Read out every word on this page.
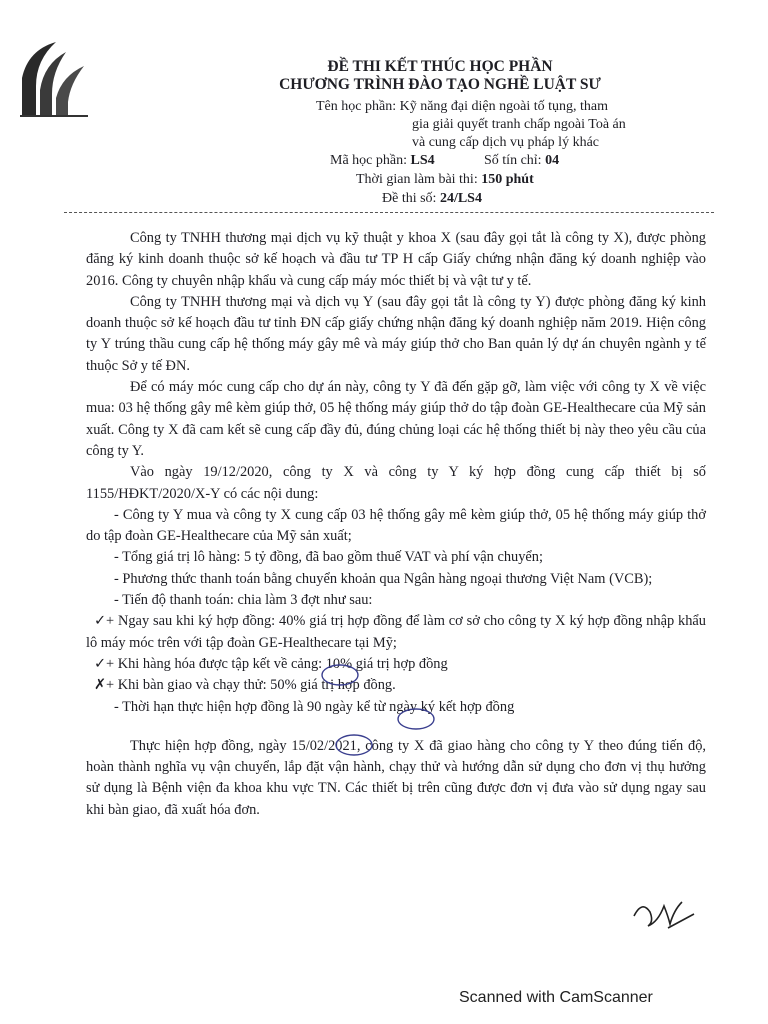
ĐỀ THI KẾT THÚC HỌC PHẦN
CHƯƠNG TRÌNH ĐÀO TẠO NGHỀ LUẬT SƯ
Tên học phần: Kỹ năng đại diện ngoài tố tụng, tham
gia giải quyết tranh chấp ngoài Toà án
và cung cấp dịch vụ pháp lý khác
Mã học phần: LS4	Số tín chỉ: 04
Thời gian làm bài thi: 150 phút
Đề thi số: 24/LS4

Công ty TNHH thương mại dịch vụ kỹ thuật y khoa X (sau đây gọi tắt là công ty X), được phòng đăng ký kinh doanh thuộc sở kế hoạch và đầu tư TP H cấp Giấy chứng nhận đăng ký doanh nghiệp vào 2016. Công ty chuyên nhập khẩu và cung cấp máy móc thiết bị và vật tư y tế.

Công ty TNHH thương mại và dịch vụ Y (sau đây gọi tắt là công ty Y) được phòng đăng ký kinh doanh thuộc sở kế hoạch đầu tư tỉnh ĐN cấp giấy chứng nhận đăng ký doanh nghiệp năm 2019. Hiện công ty Y trúng thầu cung cấp hệ thống máy gây mê và máy giúp thở cho Ban quản lý dự án chuyên ngành y tế thuộc Sở y tế ĐN.

Để có máy móc cung cấp cho dự án này, công ty Y đã đến gặp gỡ, làm việc với công ty X về việc mua: 03 hệ thống gây mê kèm giúp thở, 05 hệ thống máy giúp thở do tập đoàn GE-Healthecare của Mỹ sản xuất. Công ty X đã cam kết sẽ cung cấp đầy đủ, đúng chủng loại các hệ thống thiết bị này theo yêu cầu của công ty Y.

Vào ngày 19/12/2020, công ty X và công ty Y ký hợp đồng cung cấp thiết bị số 1155/HĐKT/2020/X-Y có các nội dung:

- Công ty Y mua và công ty X cung cấp 03 hệ thống gây mê kèm giúp thở, 05 hệ thống máy giúp thở do tập đoàn GE-Healthecare của Mỹ sản xuất;

- Tổng giá trị lô hàng: 5 tỷ đồng, đã bao gồm thuế VAT và phí vận chuyển;

- Phương thức thanh toán bằng chuyển khoản qua Ngân hàng ngoại thương Việt Nam (VCB);

- Tiến độ thanh toán: chia làm 3 đợt như sau:

✓+ Ngay sau khi ký hợp đồng: 40% giá trị hợp đồng để làm cơ sở cho công ty X ký hợp đồng nhập khẩu lô máy móc trên với tập đoàn GE-Healthecare tại Mỹ;

✓+ Khi hàng hóa được tập kết về cảng: 10% giá trị hợp đồng

✗+ Khi bàn giao và chạy thử: 50% giá trị hợp đồng.

- Thời hạn thực hiện hợp đồng là 90 ngày kể từ ngày ký kết hợp đồng

Thực hiện hợp đồng, ngày 15/02/2021, công ty X đã giao hàng cho công ty Y theo đúng tiến độ, hoàn thành nghĩa vụ vận chuyển, lắp đặt vận hành, chạy thử và hướng dẫn sử dụng cho đơn vị thụ hưởng sử dụng là Bệnh viện đa khoa khu vực TN. Các thiết bị trên cũng được đơn vị đưa vào sử dụng ngay sau khi bàn giao, đã xuất hóa đơn.

Scanned with CamScanner
